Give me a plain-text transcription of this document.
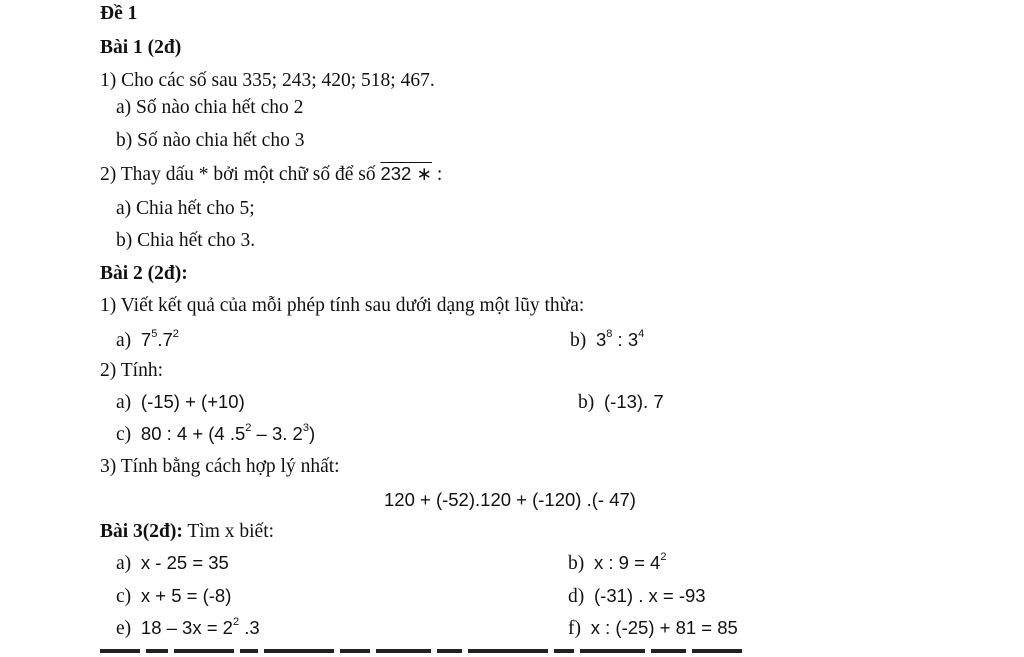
Đề 1
Bài 1 (2đ)
1) Cho các số sau 335; 243; 420; 518; 467.
a) Số nào chia hết cho 2
b) Số nào chia hết cho 3
2) Thay dấu * bởi một chữ số để số 232 ∗ :
a) Chia hết cho 5;
b) Chia hết cho 3.
Bài 2 (2đ):
1) Viết kết quả của mỗi phép tính sau dưới dạng một lũy thừa:
a) $7^5.7^2$	b) $3^8$ : $3^4$
2) Tính:
a) (-15) + (+10)	b) (-13). 7
c) 80 : 4 + (4 $.5^2 - 3$. $2^3$)
3) Tính bằng cách hợp lý nhất:
120 + (-52).120 + (-120) .(- 47)
Bài 3(2đ): Tìm x biết:
a) x - 25 = 35	b) x : $9 = 4^2$
c) x + 5 = (-8)	d) (-31) . x = -93
e) $18 - 3x = 2^2$ .3	f) x : (-25) + 81 = 85
